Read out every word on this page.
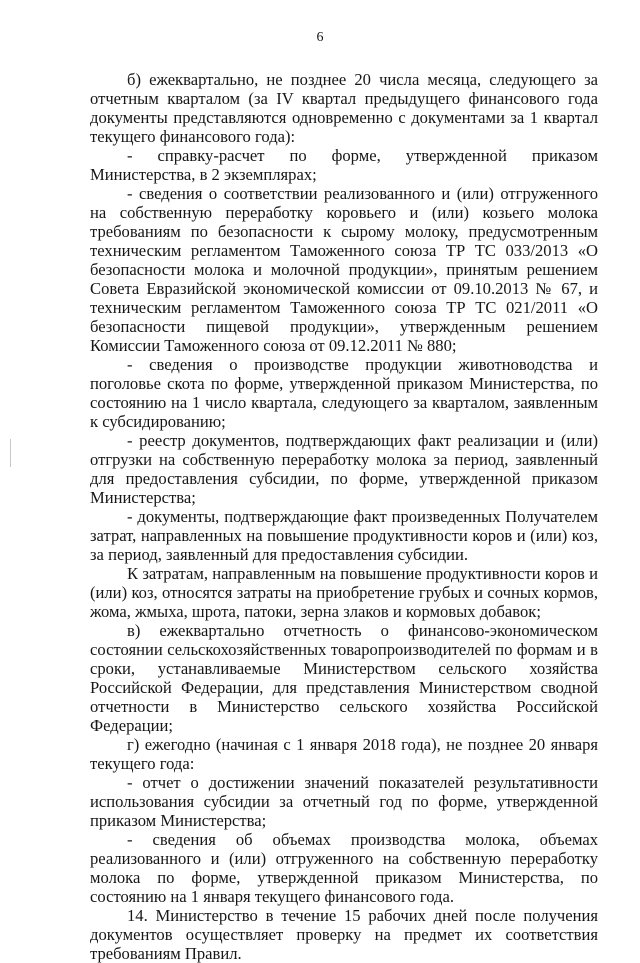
6

б) ежеквартально, не позднее 20 числа месяца, следующего за отчетным кварталом (за IV квартал предыдущего финансового года документы представляются одновременно с документами за 1 квартал текущего финансового года):

- справку-расчет по форме, утвержденной приказом Министерства, в 2 экземплярах;

- сведения о соответствии реализованного и (или) отгруженного на собственную переработку коровьего и (или) козьего молока требованиям по безопасности к сырому молоку, предусмотренным техническим регламентом Таможенного союза ТР ТС 033/2013 «О безопасности молока и молочной продукции», принятым решением Совета Евразийской экономической комиссии от 09.10.2013 № 67, и техническим регламентом Таможенного союза ТР ТС 021/2011 «О безопасности пищевой продукции», утвержденным решением Комиссии Таможенного союза от 09.12.2011 № 880;

- сведения о производстве продукции животноводства и поголовье скота по форме, утвержденной приказом Министерства, по состоянию на 1 число квартала, следующего за кварталом, заявленным к субсидированию;

- реестр документов, подтверждающих факт реализации и (или) отгрузки на собственную переработку молока за период, заявленный для предоставления субсидии, по форме, утвержденной приказом Министерства;

- документы, подтверждающие факт произведенных Получателем затрат, направленных на повышение продуктивности коров и (или) коз, за период, заявленный для предоставления субсидии.

К затратам, направленным на повышение продуктивности коров и (или) коз, относятся затраты на приобретение грубых и сочных кормов, жома, жмыха, шрота, патоки, зерна злаков и кормовых добавок;

в) ежеквартально отчетность о финансово-экономическом состоянии сельскохозяйственных товаропроизводителей по формам и в сроки, устанавливаемые Министерством сельского хозяйства Российской Федерации, для представления Министерством сводной отчетности в Министерство сельского хозяйства Российской Федерации;

г) ежегодно (начиная с 1 января 2018 года), не позднее 20 января текущего года:

- отчет о достижении значений показателей результативности использования субсидии за отчетный год по форме, утвержденной приказом Министерства;

- сведения об объемах производства молока, объемах реализованного и (или) отгруженного на собственную переработку молока по форме, утвержденной приказом Министерства, по состоянию на 1 января текущего финансового года.

14. Министерство в течение 15 рабочих дней после получения документов осуществляет проверку на предмет их соответствия требованиям Правил.
